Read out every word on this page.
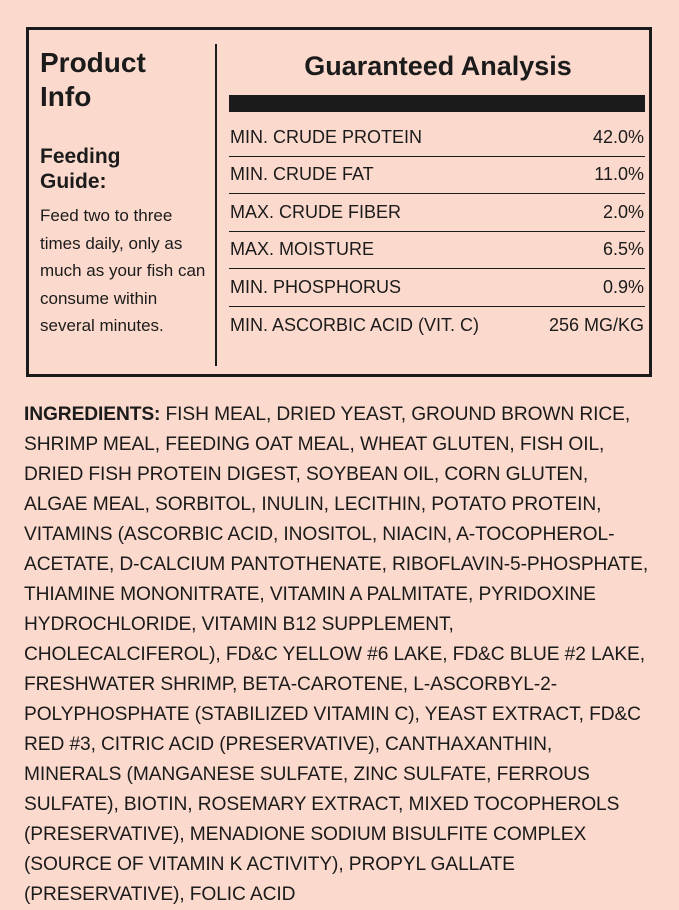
Product Info
Feeding Guide:

Feed two to three times daily, only as much as your fish can consume within several minutes.

Guaranteed Analysis
MIN. CRUDE PROTEIN	42.0%
MIN. CRUDE FAT	11.0%
MAX. CRUDE FIBER	2.0%
MAX. MOISTURE	6.5%
MIN. PHOSPHORUS	0.9%
MIN. ASCORBIC ACID (VIT. C)	256 MG/KG

INGREDIENTS: FISH MEAL, DRIED YEAST, GROUND BROWN RICE, SHRIMP MEAL, FEEDING OAT MEAL, WHEAT GLUTEN, FISH OIL, DRIED FISH PROTEIN DIGEST, SOYBEAN OIL, CORN GLUTEN, ALGAE MEAL, SORBITOL, INULIN, LECITHIN, POTATO PROTEIN, VITAMINS (ASCORBIC ACID, INOSITOL, NIACIN, A-TOCOPHEROL-ACETATE, D-CALCIUM PANTOTHENATE, RIBOFLAVIN-5-PHOSPHATE, THIAMINE MONONITRATE, VITAMIN A PALMITATE, PYRIDOXINE HYDROCHLORIDE, VITAMIN B12 SUPPLEMENT, CHOLECALCIFEROL), FD&C YELLOW #6 LAKE, FD&C BLUE #2 LAKE, FRESHWATER SHRIMP, BETA-CAROTENE, L-ASCORBYL-2-POLYPHOSPHATE (STABILIZED VITAMIN C), YEAST EXTRACT, FD&C RED #3, CITRIC ACID (PRESERVATIVE), CANTHAXANTHIN, MINERALS (MANGANESE SULFATE, ZINC SULFATE, FERROUS SULFATE), BIOTIN, ROSEMARY EXTRACT, MIXED TOCOPHEROLS (PRESERVATIVE), MENADIONE SODIUM BISULFITE COMPLEX (SOURCE OF VITAMIN K ACTIVITY), PROPYL GALLATE (PRESERVATIVE), FOLIC ACID
